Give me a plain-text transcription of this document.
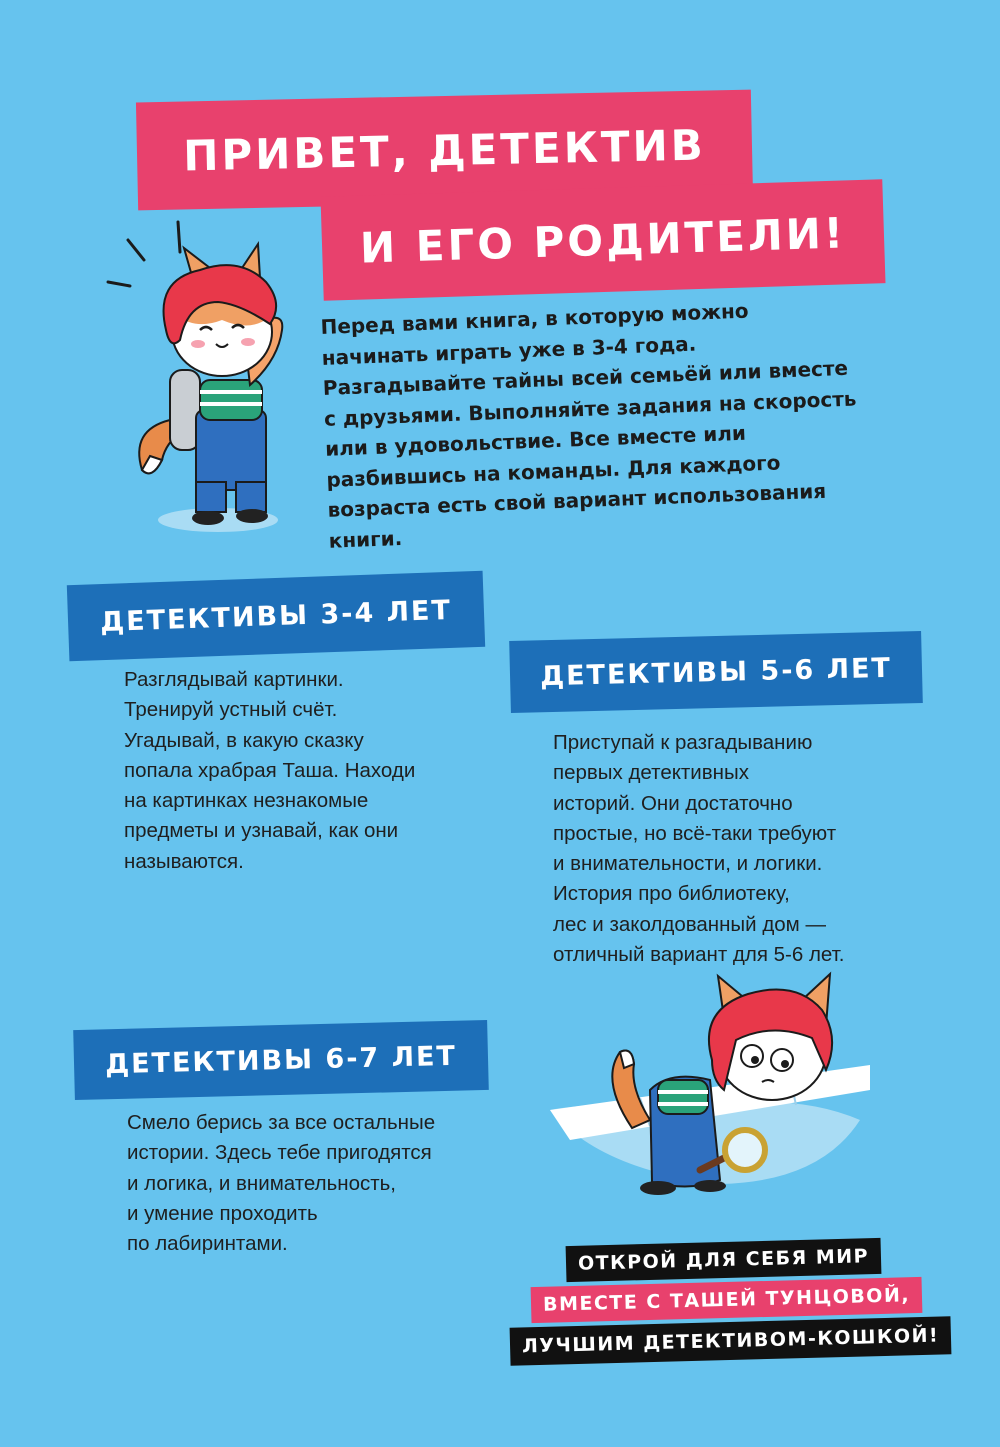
ПРИВЕТ, ДЕТЕКТИВ
И ЕГО РОДИТЕЛИ!
Перед вами книга, в которую можно начинать играть уже в 3-4 года. Разгадывайте тайны всей семьёй или вместе с друзьями. Выполняйте задания на скорость или в удовольствие. Все вместе или разбившись на команды. Для каждого возраста есть свой вариант использования книги.
ДЕТЕКТИВЫ 3-4 ЛЕТ
Разглядывай картинки.
Тренируй устный счёт.
Угадывай, в какую сказку
попала храбрая Таша. Находи
на картинках незнакомые
предметы и узнавай, как они
называются.
ДЕТЕКТИВЫ 5-6 ЛЕТ
Приступай к разгадыванию
первых детективных
историй. Они достаточно
простые, но всё-таки требуют
и внимательности, и логики.
История про библиотеку,
лес и заколдованный дом —
отличный вариант для 5-6 лет.
ДЕТЕКТИВЫ 6-7 ЛЕТ
Смело берись за все остальные
истории. Здесь тебе пригодятся
и логика, и внимательность,
и умение проходить
по лабиринтами.
ОТКРОЙ ДЛЯ СЕБЯ МИР
ВМЕСТЕ С ТАШЕЙ ТУНЦОВОЙ,
ЛУЧШИМ ДЕТЕКТИВОМ-КОШКОЙ!
